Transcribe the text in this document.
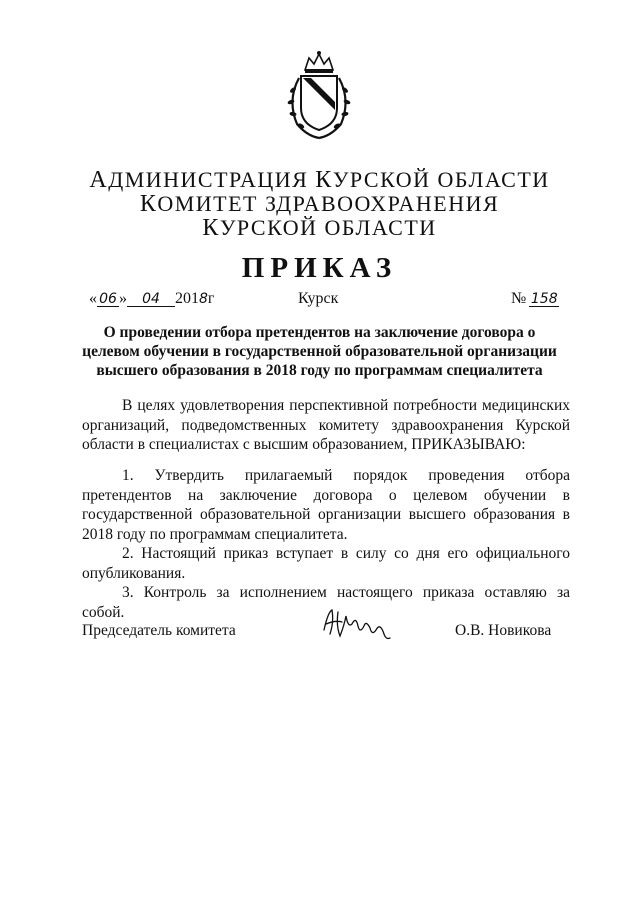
АДМИНИСТРАЦИЯ КУРСКОЙ ОБЛАСТИ
КОМИТЕТ ЗДРАВООХРАНЕНИЯ
КУРСКОЙ ОБЛАСТИ
ПРИКАЗ
« 06 » 04 2018г	Курск	№ 158
О проведении отбора претендентов на заключение договора о целевом обучении в государственной образовательной организации высшего образования в 2018 году по программам специалитета

В целях удовлетворения перспективной потребности медицинских организаций, подведомственных комитету здравоохранения Курской области в специалистах с высшим образованием, ПРИКАЗЫВАЮ:

1. Утвердить прилагаемый порядок проведения отбора претендентов на заключение договора о целевом обучении в государственной образовательной организации высшего образования в 2018 году по программам специалитета.

2. Настоящий приказ вступает в силу со дня его официального опубликования.

3. Контроль за исполнением настоящего приказа оставляю за собой.

Председатель комитета	О.В. Новикова
